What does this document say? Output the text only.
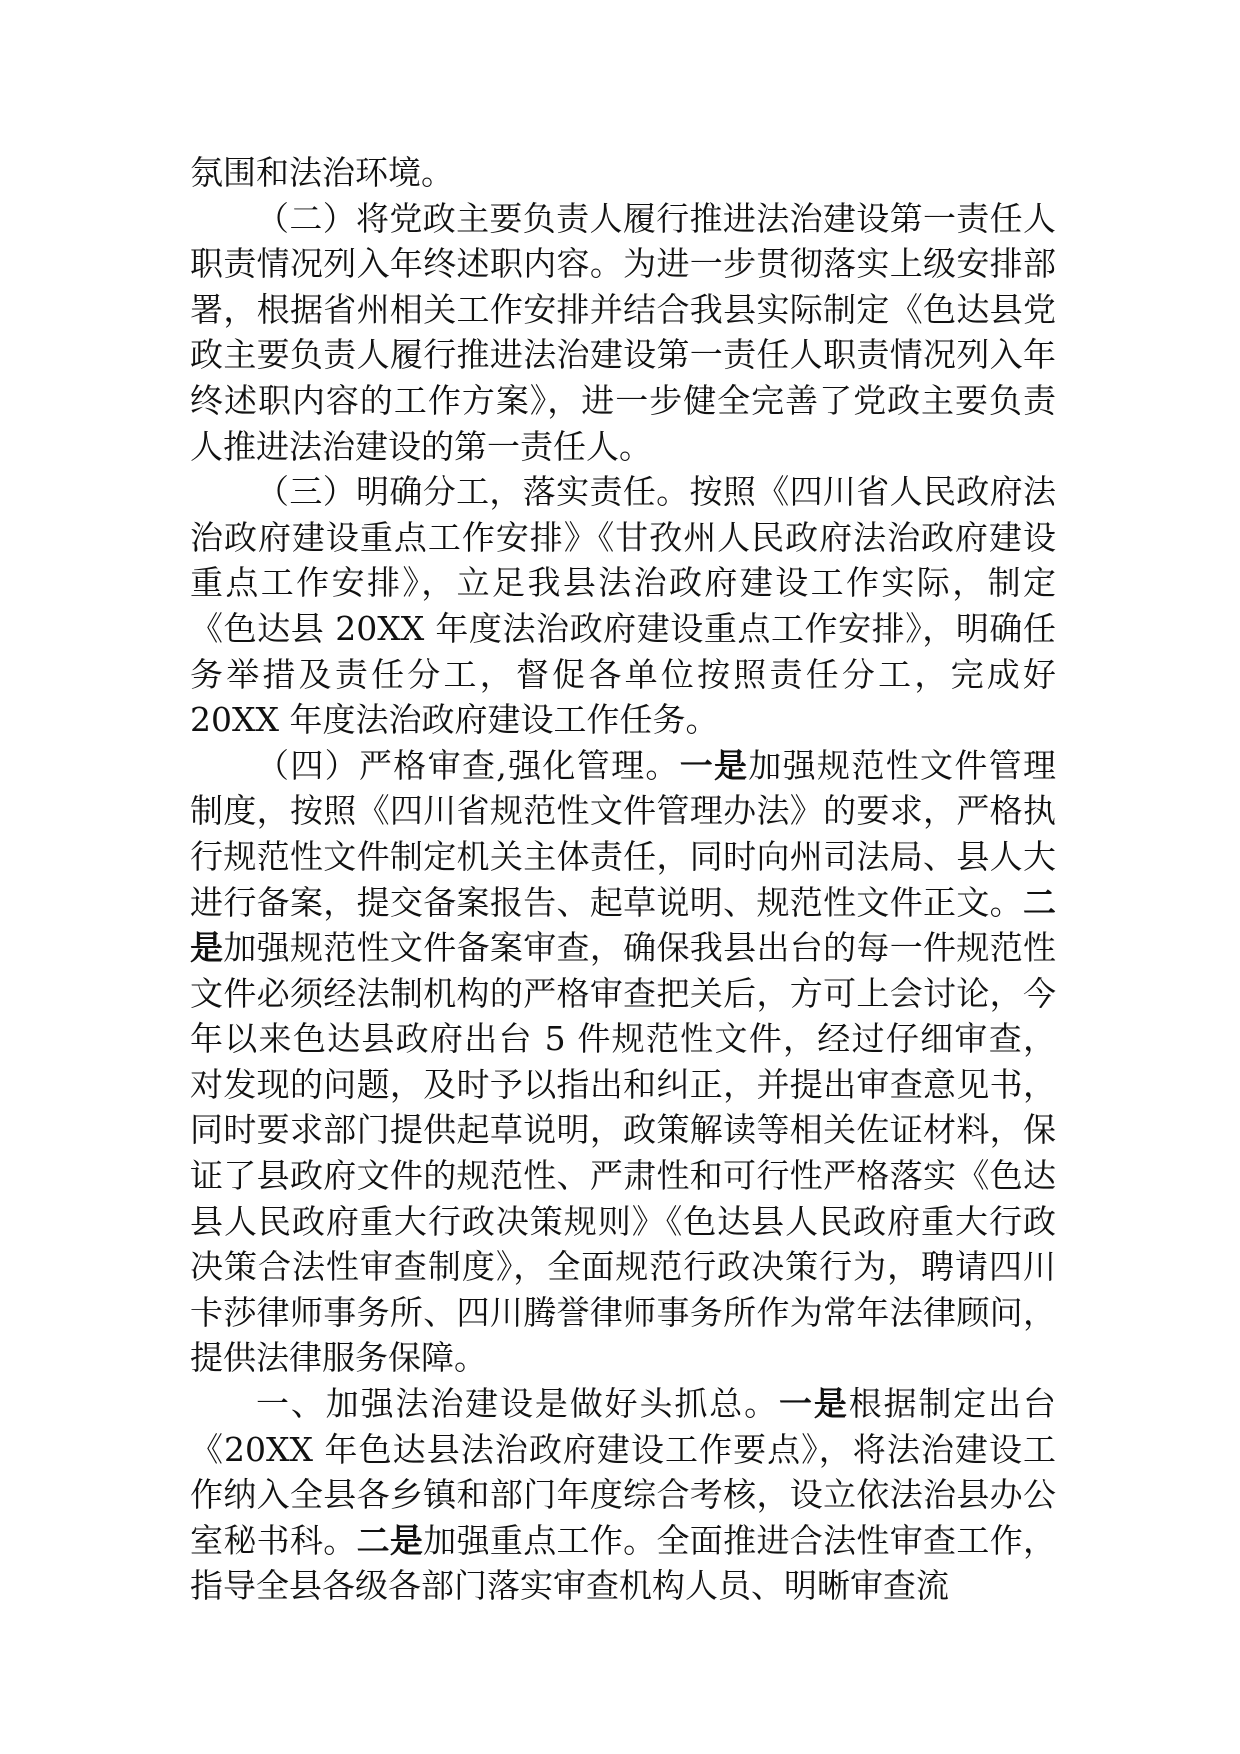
氛围和法治环境。

（二）将党政主要负责人履行推进法治建设第一责任人职责情况列入年终述职内容。为进一步贯彻落实上级安排部署，根据省州相关工作安排并结合我县实际制定《色达县党政主要负责人履行推进法治建设第一责任人职责情况列入年终述职内容的工作方案》，进一步健全完善了党政主要负责人推进法治建设的第一责任人。

（三）明确分工，落实责任。按照《四川省人民政府法治政府建设重点工作安排》《甘孜州人民政府法治政府建设重点工作安排》，立足我县法治政府建设工作实际，制定《色达县 20XX 年度法治政府建设重点工作安排》，明确任务举措及责任分工，督促各单位按照责任分工，完成好 20XX 年度法治政府建设工作任务。

（四）严格审查,强化管理。一是加强规范性文件管理制度，按照《四川省规范性文件管理办法》的要求，严格执行规范性文件制定机关主体责任，同时向州司法局、县人大进行备案，提交备案报告、起草说明、规范性文件正文。二是加强规范性文件备案审查，确保我县出台的每一件规范性文件必须经法制机构的严格审查把关后，方可上会讨论，今年以来色达县政府出台 5 件规范性文件，经过仔细审查，对发现的问题，及时予以指出和纠正，并提出审查意见书，同时要求部门提供起草说明，政策解读等相关佐证材料，保证了县政府文件的规范性、严肃性和可行性严格落实《色达县人民政府重大行政决策规则》《色达县人民政府重大行政决策合法性审查制度》，全面规范行政决策行为，聘请四川卡莎律师事务所、四川腾誉律师事务所作为常年法律顾问，提供法律服务保障。

一、加强法治建设是做好头抓总。一是根据制定出台《20XX 年色达县法治政府建设工作要点》，将法治建设工作纳入全县各乡镇和部门年度综合考核，设立依法治县办公室秘书科。二是加强重点工作。全面推进合法性审查工作，指导全县各级各部门落实审查机构人员、明晰审查流
